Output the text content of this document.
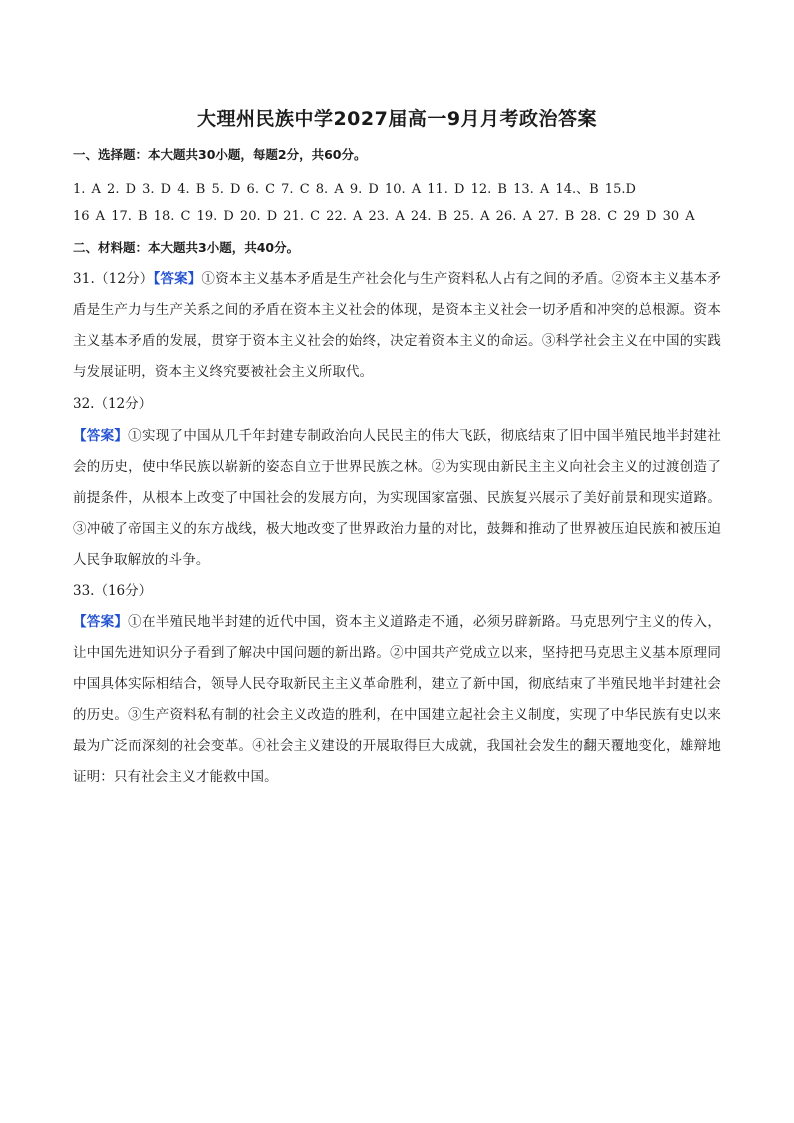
大理州民族中学2027届高一9月月考政治答案
一、选择题：本大题共30小题，每题2分，共60分。
1. A 2. D 3. D 4. B 5. D 6. C 7. C 8. A 9. D 10. A 11. D 12. B 13. A 14.、B 15.D
16 A 17. B 18. C 19. D 20. D 21. C 22. A 23. A 24. B 25. A 26. A 27. B 28. C 29 D 30 A
二、材料题：本大题共3小题，共40分。
31.（12分）【答案】①资本主义基本矛盾是生产社会化与生产资料私人占有之间的矛盾。②资本主义基本矛盾是生产力与生产关系之间的矛盾在资本主义社会的体现，是资本主义社会一切矛盾和冲突的总根源。资本主义基本矛盾的发展，贯穿于资本主义社会的始终，决定着资本主义的命运。③科学社会主义在中国的实践与发展证明，资本主义终究要被社会主义所取代。
32.（12分）
【答案】①实现了中国从几千年封建专制政治向人民民主的伟大飞跃，彻底结束了旧中国半殖民地半封建社会的历史，使中华民族以崭新的姿态自立于世界民族之林。②为实现由新民主主义向社会主义的过渡创造了前提条件，从根本上改变了中国社会的发展方向，为实现国家富强、民族复兴展示了美好前景和现实道路。③冲破了帝国主义的东方战线，极大地改变了世界政治力量的对比，鼓舞和推动了世界被压迫民族和被压迫人民争取解放的斗争。
33.（16分）
【答案】①在半殖民地半封建的近代中国，资本主义道路走不通，必须另辟新路。马克思列宁主义的传入，让中国先进知识分子看到了解决中国问题的新出路。②中国共产党成立以来，坚持把马克思主义基本原理同中国具体实际相结合，领导人民夺取新民主主义革命胜利，建立了新中国，彻底结束了半殖民地半封建社会的历史。③生产资料私有制的社会主义改造的胜利，在中国建立起社会主义制度，实现了中华民族有史以来最为广泛而深刻的社会变革。④社会主义建设的开展取得巨大成就，我国社会发生的翻天覆地变化，雄辩地证明：只有社会主义才能救中国。
